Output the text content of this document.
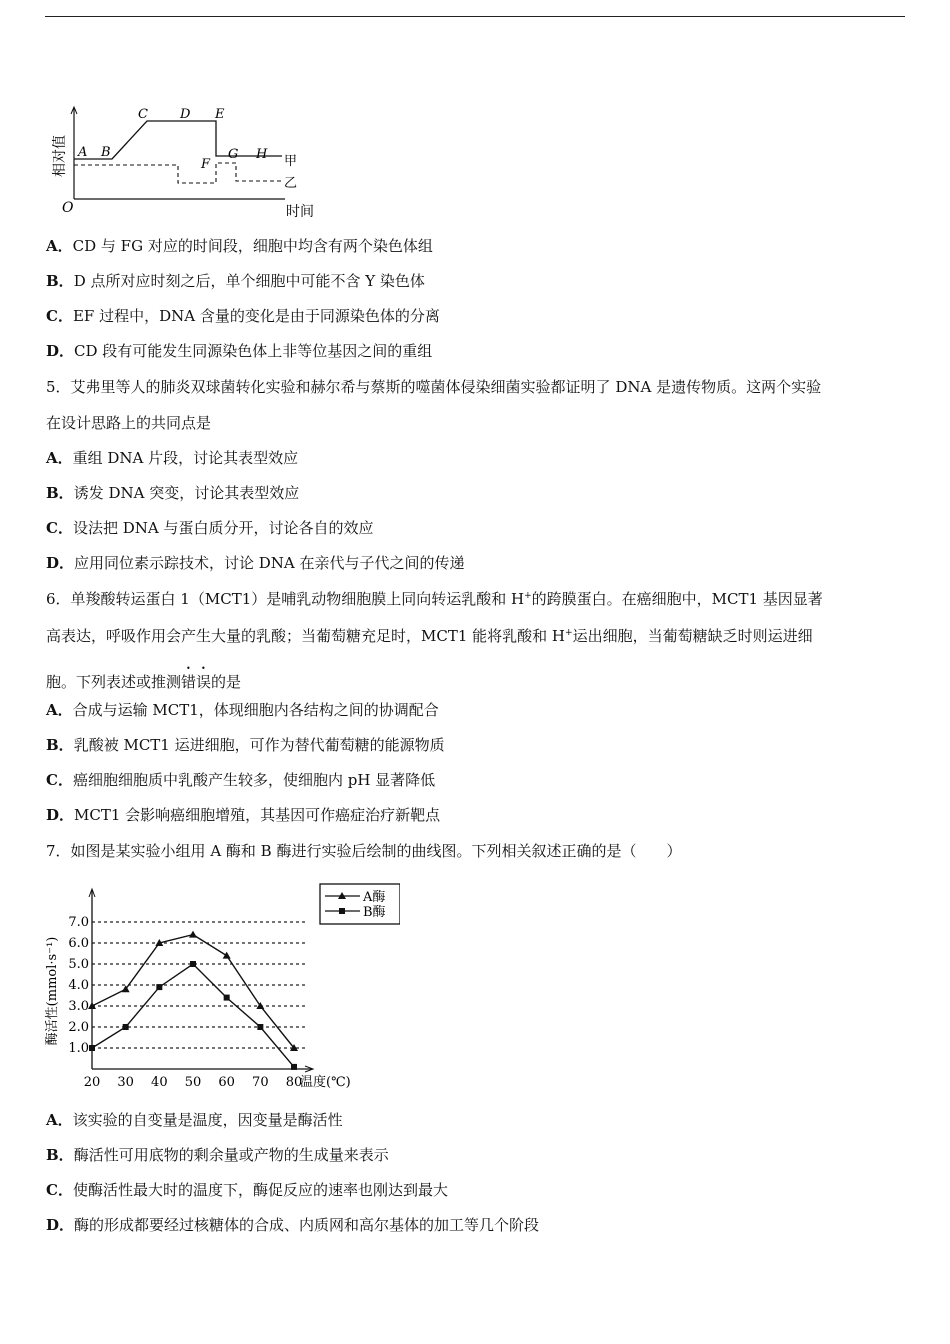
相对值
O	时间
A B
C D E
F
G H 甲
乙
A．CD 与 FG 对应的时间段，细胞中均含有两个染色体组
B．D 点所对应时刻之后，单个细胞中可能不含 Y 染色体
C．EF 过程中，DNA 含量的变化是由于同源染色体的分离
D．CD 段有可能发生同源染色体上非等位基因之间的重组
5．艾弗里等人的肺炎双球菌转化实验和赫尔希与蔡斯的噬菌体侵染细菌实验都证明了 DNA 是遗传物质。这两个实验
在设计思路上的共同点是
A．重组 DNA 片段，讨论其表型效应
B．诱发 DNA 突变，讨论其表型效应
C．设法把 DNA 与蛋白质分开，讨论各自的效应
D．应用同位素示踪技术，讨论 DNA 在亲代与子代之间的传递
6．单羧酸转运蛋白 1（MCT1）是哺乳动物细胞膜上同向转运乳酸和 H+的跨膜蛋白。在癌细胞中，MCT1 基因显著
高表达，呼吸作用会产生大量的乳酸；当葡萄糖充足时，MCT1 能将乳酸和 H+运出细胞，当葡萄糖缺乏时则运进细
胞。下列表述或推测错误的是
A．合成与运输 MCT1，体现细胞内各结构之间的协调配合
B．乳酸被 MCT1 运进细胞，可作为替代葡萄糖的能源物质
C．癌细胞细胞质中乳酸产生较多，使细胞内 pH 显著降低
D．MCT1 会影响癌细胞增殖，其基因可作癌症治疗新靶点
7．如图是某实验小组用 A 酶和 B 酶进行实验后绘制的曲线图。下列相关叙述正确的是（　　）
1.0
2.0
3.0
4.0
5.0
6.0
7.0
20 30 40 50 60 70 80
A酶
B酶
温度(℃)
酶活性(mmol·s⁻¹)
A．该实验的自变量是温度，因变量是酶活性
B．酶活性可用底物的剩余量或产物的生成量来表示
C．使酶活性最大时的温度下，酶促反应的速率也刚达到最大
D．酶的形成都要经过核糖体的合成、内质网和高尔基体的加工等几个阶段
